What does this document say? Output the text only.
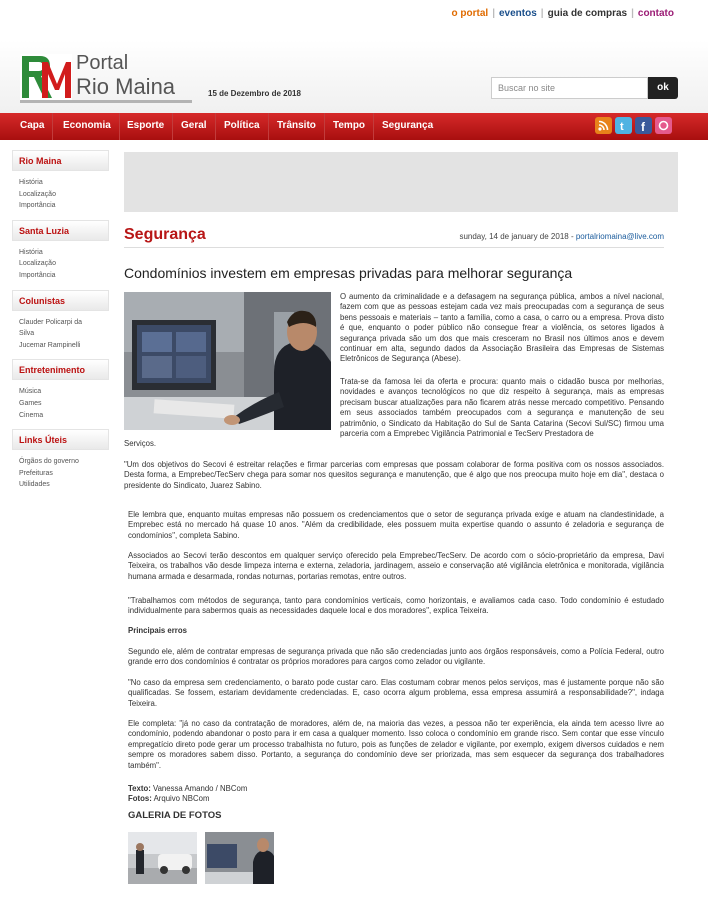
o portal | eventos | guia de compras | contato
Portal
Rio Maina	15 de Dezembro de 2018
Buscar no site	ok
Capa	Economia	Esporte	Geral	Política	Trânsito	Tempo	Segurança	t f
Rio Maina
História
Localização
Importância
Santa Luzia
História
Localização
Importância
Colunistas
Clauder Policarpi da
Silva
Jucemar Rampinelli
Entretenimento
Música
Games
Cinema
Links Úteis
Órgãos do governo
Prefeituras
Utilidades
Segurança	sunday, 14 de january de 2018 - portalriomaina@live.com
Condomínios investem em empresas privadas para melhorar segurança
O aumento da criminalidade e a defasagem na segurança pública, ambos a nível nacional, fazem com que as pessoas estejam cada vez mais preocupadas com a segurança de seus bens pessoais e materiais – tanto a família, como a casa, o carro ou a empresa. Prova disto é que, enquanto o poder público não consegue frear a violência, os setores ligados à segurança privada são um dos que mais cresceram no Brasil nos últimos anos e devem continuar em alta, segundo dados da Associação Brasileira das Empresas de Sistemas Eletrônicos de Segurança (Abese).
Trata-se da famosa lei da oferta e procura: quanto mais o cidadão busca por melhorias, novidades e avanços tecnológicos no que diz respeito à segurança, mais as empresas precisam buscar atualizações para não ficarem atrás nesse mercado competitivo. Pensando em seus associados também preocupados com a segurança e manutenção de seu patrimônio, o Sindicato da Habitação do Sul de Santa Catarina (Secovi Sul/SC) firmou uma parceria com a Emprebec Vigilância Patrimonial e TecServ Prestadora de
Serviços.
"Um dos objetivos do Secovi é estreitar relações e firmar parcerias com empresas que possam colaborar de forma positiva com os nossos associados. Desta forma, a Emprebec/TecServ chega para somar nos quesitos segurança e manutenção, que é algo que nos preocupa muito hoje em dia", destaca o presidente do Sindicato, Juarez Sabino.
Ele lembra que, enquanto muitas empresas não possuem os credenciamentos que o setor de segurança privada exige e atuam na clandestinidade, a Emprebec está no mercado há quase 10 anos. "Além da credibilidade, eles possuem muita expertise quando o assunto é zeladoria e segurança de condomínios", completa Sabino.
Associados ao Secovi terão descontos em qualquer serviço oferecido pela Emprebec/TecServ. De acordo com o sócio-proprietário da empresa, Davi Teixeira, os trabalhos vão desde limpeza interna e externa, zeladoria, jardinagem, asseio e conservação até vigilância eletrônica e monitorada, vigilância humana armada e desarmada, rondas noturnas, portarias remotas, entre outros.
"Trabalhamos com métodos de segurança, tanto para condomínios verticais, como horizontais, e avaliamos cada caso. Todo condomínio é estudado individualmente para sabermos quais as necessidades daquele local e dos moradores", explica Teixeira.
Principais erros
Segundo ele, além de contratar empresas de segurança privada que não são credenciadas junto aos órgãos responsáveis, como a Polícia Federal, outro grande erro dos condomínios é contratar os próprios moradores para cargos como zelador ou vigilante.
"No caso da empresa sem credenciamento, o barato pode custar caro. Elas costumam cobrar menos pelos serviços, mas é justamente porque não são qualificadas. Se fossem, estariam devidamente credenciadas. E, caso ocorra algum problema, essa empresa assumirá a responsabilidade?", indaga Teixeira.
Ele completa: "já no caso da contratação de moradores, além de, na maioria das vezes, a pessoa não ter experiência, ela ainda tem acesso livre ao condomínio, podendo abandonar o posto para ir em casa a qualquer momento. Isso coloca o condomínio em grande risco. Sem contar que esse vínculo empregatício direto pode gerar um processo trabalhista no futuro, pois as funções de zelador e vigilante, por exemplo, exigem diversos cuidados e nem sempre os moradores sabem disso. Portanto, a segurança do condomínio deve ser priorizada, mas sem esquecer da segurança dos trabalhadores também".
Texto: Vanessa Amando / NBCom
Fotos: Arquivo NBCom
GALERIA DE FOTOS
